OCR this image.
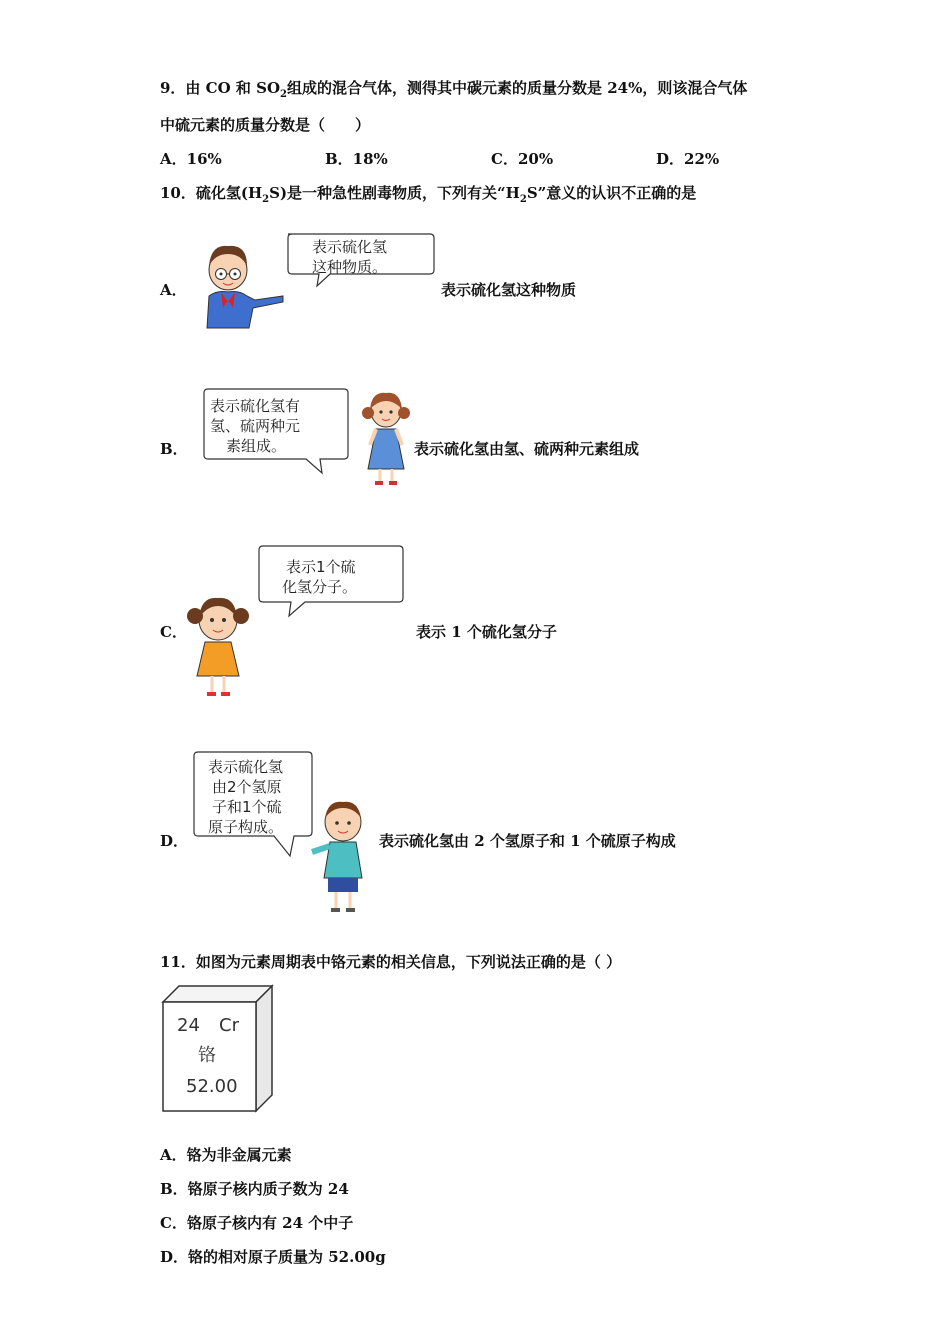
9．由 CO 和 $SO_2$组成的混合气体，测得其中碳元素的质量分数是 24%，则该混合气体
中硫元素的质量分数是（　　）
A．16%	B．18%	C．20%	D．22%
10．硫化氢$(H_2S)$是一种急性剧毒物质，下列有关“$H_2S$”意义的认识不正确的是
A．
表示硫化氢
这种物质。
表示硫化氢这种物质
B．
表示硫化氢有
氢、硫两种元
素组成。	表示硫化氢由氢、硫两种元素组成
C．
表示1个硫
化氢分子。
表示 1 个硫化氢分子
D．
表示硫化氢
由2个氢原
子和1个硫
原子构成。
表示硫化氢由 2 个氢原子和 1 个硫原子构成
11．如图为元素周期表中铬元素的相关信息，下列说法正确的是（ ）
24 Cr
铬
52.00
A．铬为非金属元素
B．铬原子核内质子数为 24
C．铬原子核内有 24 个中子
D．铬的相对原子质量为 52.00g
